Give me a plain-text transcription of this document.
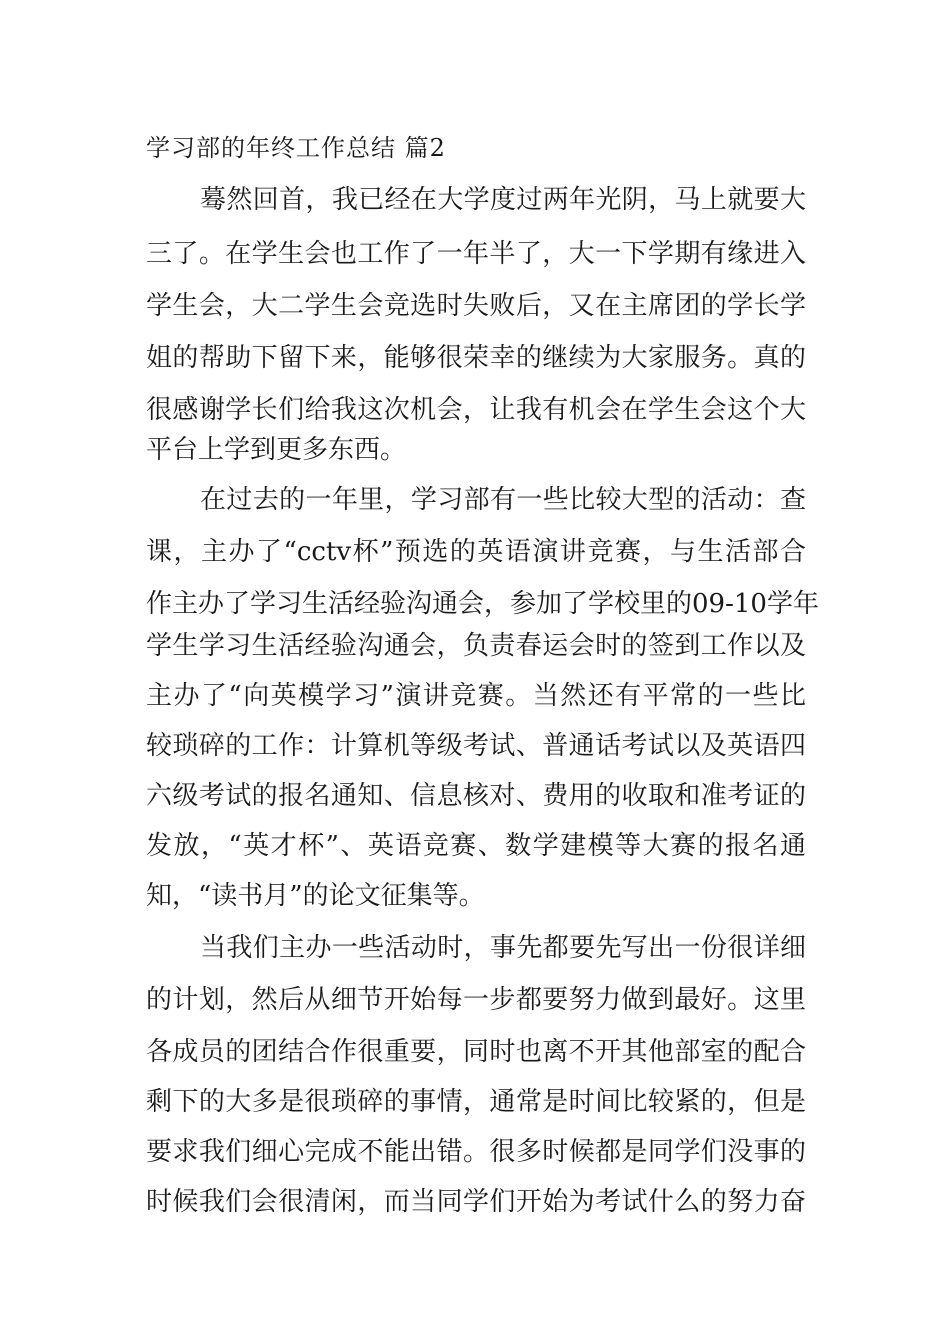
学习部的年终工作总结 篇2
蓦然回首，我已经在大学度过两年光阴，马上就要大
三了。在学生会也工作了一年半了，大一下学期有缘进入
学生会，大二学生会竞选时失败后，又在主席团的学长学
姐的帮助下留下来，能够很荣幸的继续为大家服务。真的
很感谢学长们给我这次机会，让我有机会在学生会这个大
平台上学到更多东西。
在过去的一年里，学习部有一些比较大型的活动：查
课，主办了“cctv杯”预选的英语演讲竞赛，与生活部合
作主办了学习生活经验沟通会，参加了学校里的09-10学年
学生学习生活经验沟通会，负责春运会时的签到工作以及
主办了“向英模学习”演讲竞赛。当然还有平常的一些比
较琐碎的工作：计算机等级考试、普通话考试以及英语四
六级考试的报名通知、信息核对、费用的收取和准考证的
发放，“英才杯”、英语竞赛、数学建模等大赛的报名通
知，“读书月”的论文征集等。
当我们主办一些活动时，事先都要先写出一份很详细
的计划，然后从细节开始每一步都要努力做到最好。这里
各成员的团结合作很重要，同时也离不开其他部室的配合
剩下的大多是很琐碎的事情，通常是时间比较紧的，但是
要求我们细心完成不能出错。很多时候都是同学们没事的
时候我们会很清闲，而当同学们开始为考试什么的努力奋
